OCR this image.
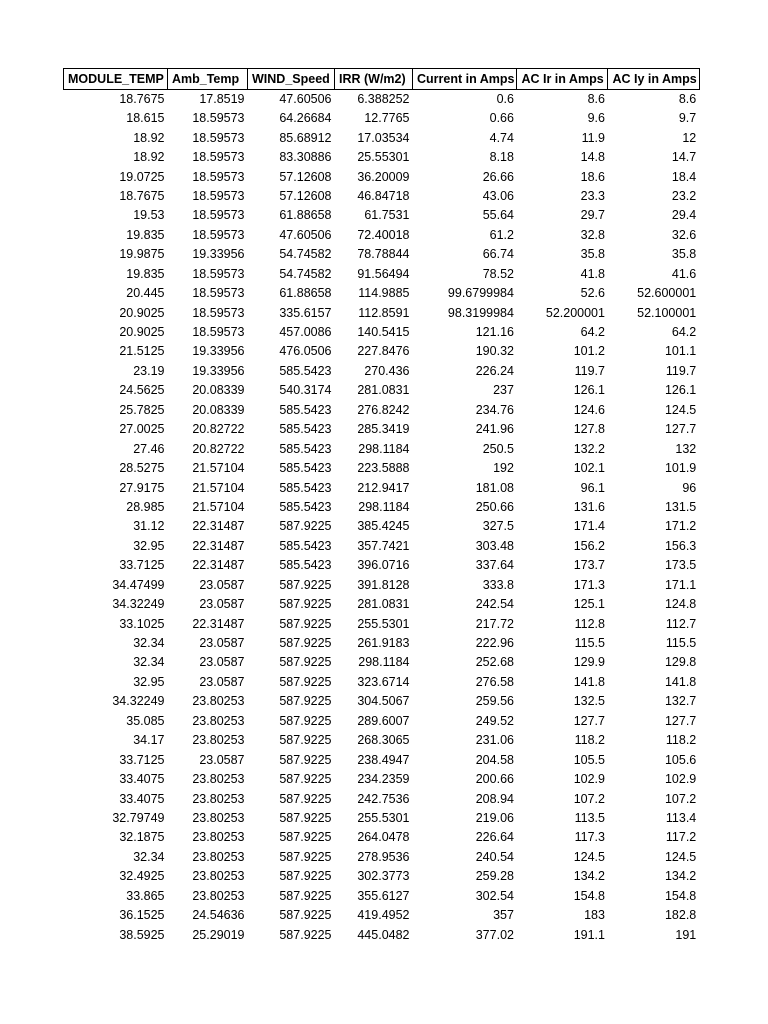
MODULE_TEMP	Amb_Temp	WIND_Speed	IRR (W/m2)	Current in Amps	AC Ir in Amps	AC Iy in Amps
18.7675	17.8519	47.60506	6.388252	0.6	8.6	8.6
18.615	18.59573	64.26684	12.7765	0.66	9.6	9.7
18.92	18.59573	85.68912	17.03534	4.74	11.9	12
18.92	18.59573	83.30886	25.55301	8.18	14.8	14.7
19.0725	18.59573	57.12608	36.20009	26.66	18.6	18.4
18.7675	18.59573	57.12608	46.84718	43.06	23.3	23.2
19.53	18.59573	61.88658	61.7531	55.64	29.7	29.4
19.835	18.59573	47.60506	72.40018	61.2	32.8	32.6
19.9875	19.33956	54.74582	78.78844	66.74	35.8	35.8
19.835	18.59573	54.74582	91.56494	78.52	41.8	41.6
20.445	18.59573	61.88658	114.9885	99.6799984	52.6	52.600001
20.9025	18.59573	335.6157	112.8591	98.3199984	52.200001	52.100001
20.9025	18.59573	457.0086	140.5415	121.16	64.2	64.2
21.5125	19.33956	476.0506	227.8476	190.32	101.2	101.1
23.19	19.33956	585.5423	270.436	226.24	119.7	119.7
24.5625	20.08339	540.3174	281.0831	237	126.1	126.1
25.7825	20.08339	585.5423	276.8242	234.76	124.6	124.5
27.0025	20.82722	585.5423	285.3419	241.96	127.8	127.7
27.46	20.82722	585.5423	298.1184	250.5	132.2	132
28.5275	21.57104	585.5423	223.5888	192	102.1	101.9
27.9175	21.57104	585.5423	212.9417	181.08	96.1	96
28.985	21.57104	585.5423	298.1184	250.66	131.6	131.5
31.12	22.31487	587.9225	385.4245	327.5	171.4	171.2
32.95	22.31487	585.5423	357.7421	303.48	156.2	156.3
33.7125	22.31487	585.5423	396.0716	337.64	173.7	173.5
34.47499	23.0587	587.9225	391.8128	333.8	171.3	171.1
34.32249	23.0587	587.9225	281.0831	242.54	125.1	124.8
33.1025	22.31487	587.9225	255.5301	217.72	112.8	112.7
32.34	23.0587	587.9225	261.9183	222.96	115.5	115.5
32.34	23.0587	587.9225	298.1184	252.68	129.9	129.8
32.95	23.0587	587.9225	323.6714	276.58	141.8	141.8
34.32249	23.80253	587.9225	304.5067	259.56	132.5	132.7
35.085	23.80253	587.9225	289.6007	249.52	127.7	127.7
34.17	23.80253	587.9225	268.3065	231.06	118.2	118.2
33.7125	23.0587	587.9225	238.4947	204.58	105.5	105.6
33.4075	23.80253	587.9225	234.2359	200.66	102.9	102.9
33.4075	23.80253	587.9225	242.7536	208.94	107.2	107.2
32.79749	23.80253	587.9225	255.5301	219.06	113.5	113.4
32.1875	23.80253	587.9225	264.0478	226.64	117.3	117.2
32.34	23.80253	587.9225	278.9536	240.54	124.5	124.5
32.4925	23.80253	587.9225	302.3773	259.28	134.2	134.2
33.865	23.80253	587.9225	355.6127	302.54	154.8	154.8
36.1525	24.54636	587.9225	419.4952	357	183	182.8
38.5925	25.29019	587.9225	445.0482	377.02	191.1	191
